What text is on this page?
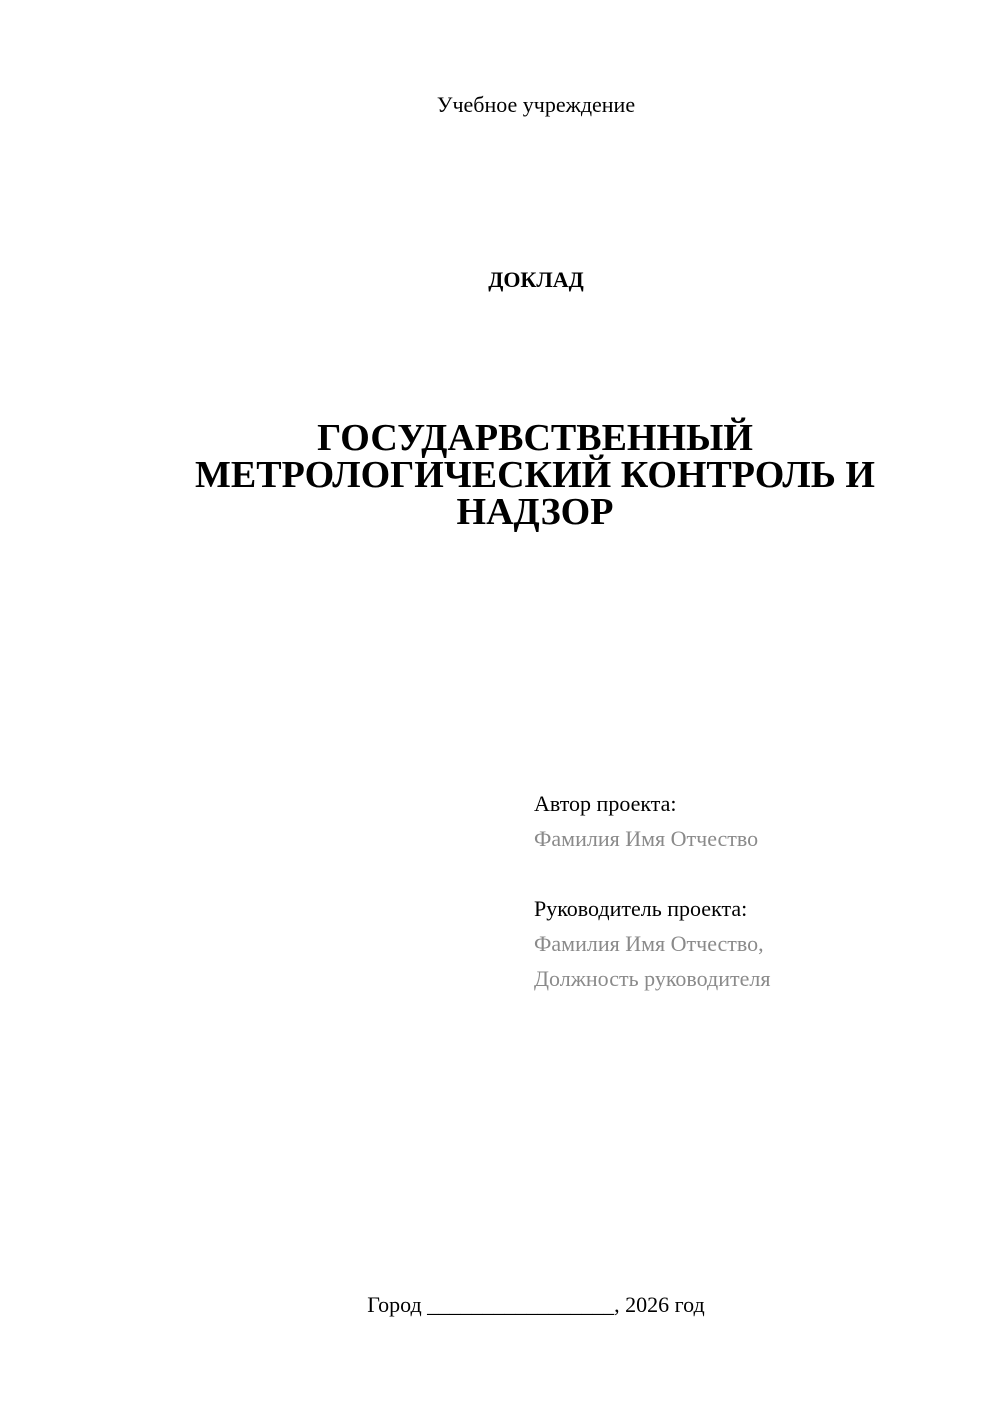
Учебное учреждение
ДОКЛАД
ГОСУДАРВСТВЕННЫЙ
МЕТРОЛОГИЧЕСКИЙ КОНТРОЛЬ И
НАДЗОР
Автор проекта:
Фамилия Имя Отчество
Руководитель проекта:
Фамилия Имя Отчество,
Должность руководителя
Город _________________, 2026 год
